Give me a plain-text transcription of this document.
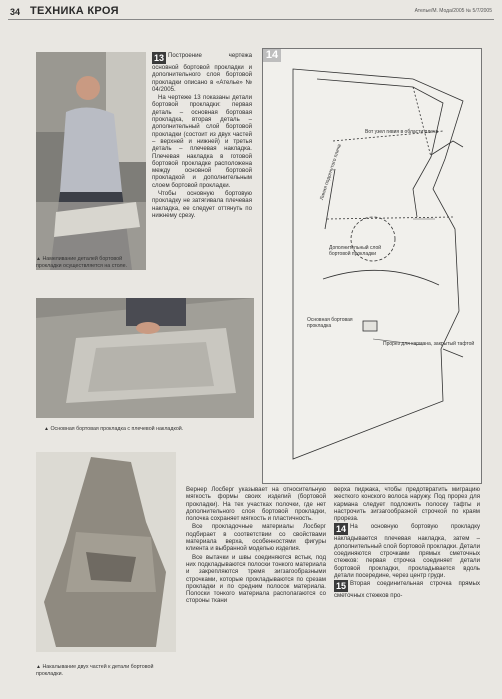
34 ТЕХНИКА КРОЯ	Ателье/М. Мода/2005 № 5/7/2005
▲ Намеливание деталей бортовой прокладки осуществляется на столе.

13 Построение чертежа основной бортовой прокладки и дополнительного слоя бортовой прокладки описано в «Ателье» № 04/2005.

На чертеже 13 показаны детали бортовой прокладки: первая деталь – основная бортовая прокладка, вторая деталь – дополнительный слой бортовой прокладки (состоит из двух частей – верхней и нижней) и третья деталь – плечевая накладка. Плечевая накладка в готовой бортовой прокладке расположена между основной бортовой прокладкой и дополнительным слоем бортовой прокладки.

Чтобы основную бортовую прокладку не затягивала плечевая накладка, ее следует оттянуть по нижнему срезу.

▲ Основная бортовая прокладка с плечевой накладкой.
▲ Накалывание двух частей к детали бортовой прокладки.
14
Вот узел гивия в области плеча
Линия подогнутого плеча
Дополнительный слой бортовой прокладки
Основная бортовая прокладка
Прорез для кармана, закрытый тафтой

Вернер Лосберг указывает на относительную мягкость формы своих изделий (бортовой прокладки). На тех участках полочки, где нет дополнительного слоя бортовой прокладки, полочка сохраняет мягкость и пластичность.

Все прокладочные материалы Лосберг подбирает в соответствии со свойствами материала верха, особенностями фигуры клиента и выбранной моделью изделия.

Все вытачки и швы соединяются встык, под них подкладываются полоски тонкого материала и закрепляются тремя зигзагообразными строчками, которые прокладываются по срезам прокладки и по средним полосок материала. Полоски тонкого материала располагаются со стороны ткани

верха пиджака, чтобы предотвратить миграцию жесткого конского волоса наружу. Под прорез для кармана следует подложить полоску тафты и настрочить зигзагообразной строчкой по краям прореза.

14 На основную бортовую прокладку накладывается плечевая накладка, затем – дополнительный слой бортовой прокладки. Детали соединяются строчками прямых сметочных стежков: первая строчка соединяет детали бортовой прокладки, прокладывается вдоль детали посередине, через центр груди.

15 Вторая соединительная строчка прямых сметочных стежков про-
